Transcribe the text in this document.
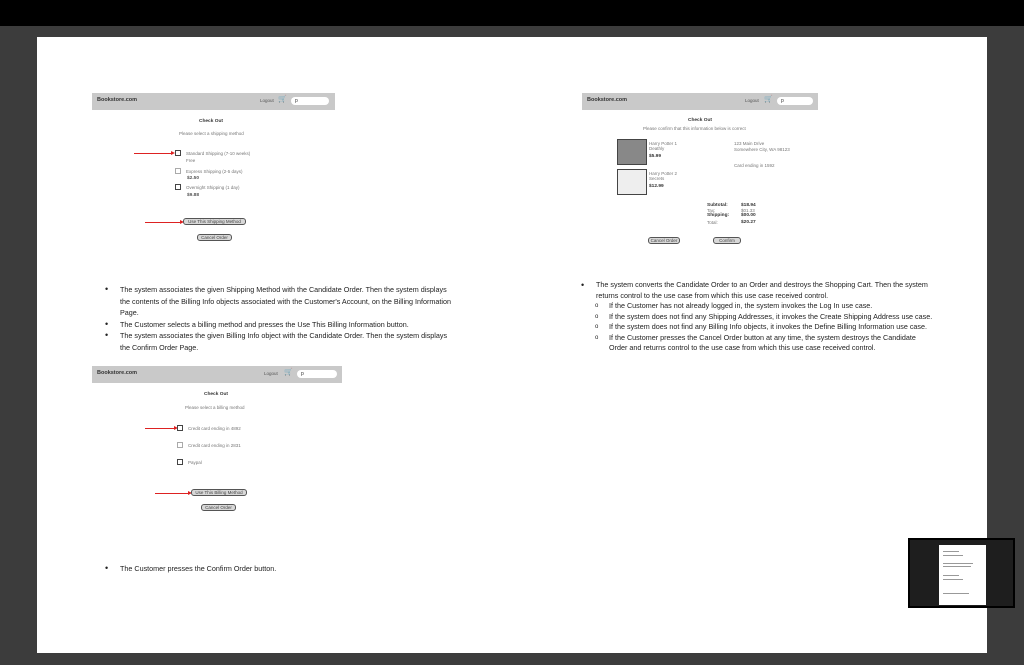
Bookstore.com	Logout 🛒	p
Check Out
Please select a shipping method
Standard Shipping (7-10 weeks)
Free
Express Shipping (2-5 days)
$2.50
Overnight Shipping (1 day)
$9.88
Use This Shipping Method
Cancel Order
• The system associates the given Shipping Method with the Candidate Order. Then the system displays the contents of the Billing Info objects associated with the Customer's Account, on the Billing Information Page.
• The Customer selects a billing method and presses the Use This Billing Information button.
• The system associates the given Billing Info object with the Candidate Order. Then the system displays the Confirm Order Page.
Bookstore.com	Logout 🛒	p
Check Out
Please select a billing method
Credit card ending in 4892
Credit card ending in 2831
Paypal
Use This Billing Method
Cancel Order
• The Customer presses the Confirm Order button.
Bookstore.com	Logout 🛒	p
Check Out
Please confirm that this information below is correct
Harry Potter 1 Deathly
$5.99
Harry Potter 2 Secrets
$12.99
123 Main Drive
Somewhere City, WA 98123
Card ending in 1592
Subtotal:	$18.94
Tax:	$01.33
Shipping: $00.00
Total:	$20.27
Cancel Order	Confirm
• The system converts the Candidate Order to an Order and destroys the Shopping Cart. Then the system returns control to the use case from which this use case received control.
o If the Customer has not already logged in, the system invokes the Log In use case.
o If the system does not find any Shipping Addresses, it invokes the Create Shipping Address use case.
o If the system does not find any Billing Info objects, it invokes the Define Billing Information use case.
o If the Customer presses the Cancel Order button at any time, the system destroys the Candidate Order and returns control to the use case from which this use case received control.
